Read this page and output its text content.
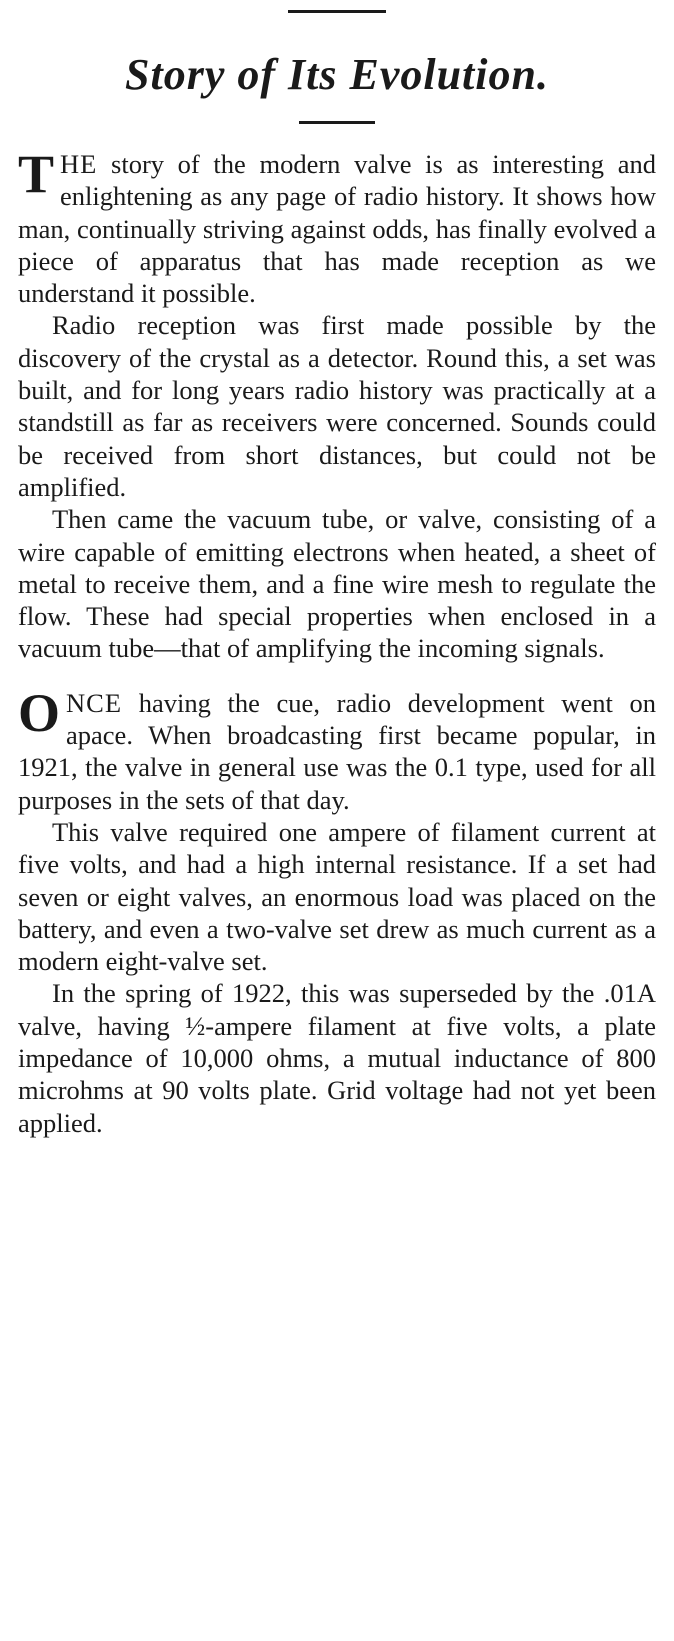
Story of Its Evolution.

THE story of the modern valve is as interesting and enlightening as any page of radio history. It shows how man, continually striving against odds, has finally evolved a piece of apparatus that has made reception as we understand it possible.

Radio reception was first made possible by the discovery of the crystal as a detector. Round this, a set was built, and for long years radio history was practically at a standstill as far as receivers were concerned. Sounds could be received from short distances, but could not be amplified.

Then came the vacuum tube, or valve, consisting of a wire capable of emitting electrons when heated, a sheet of metal to receive them, and a fine wire mesh to regulate the flow. These had special properties when enclosed in a vacuum tube—that of amplifying the incoming signals.

ONCE having the cue, radio development went on apace. When broadcasting first became popular, in 1921, the valve in general use was the 0.1 type, used for all purposes in the sets of that day.

This valve required one ampere of filament current at five volts, and had a high internal resistance. If a set had seven or eight valves, an enormous load was placed on the battery, and even a two-valve set drew as much current as a modern eight-valve set.

In the spring of 1922, this was superseded by the .01A valve, having ½-ampere filament at five volts, a plate impedance of 10,000 ohms, a mutual inductance of 800 microhms at 90 volts plate. Grid voltage had not yet been applied.
